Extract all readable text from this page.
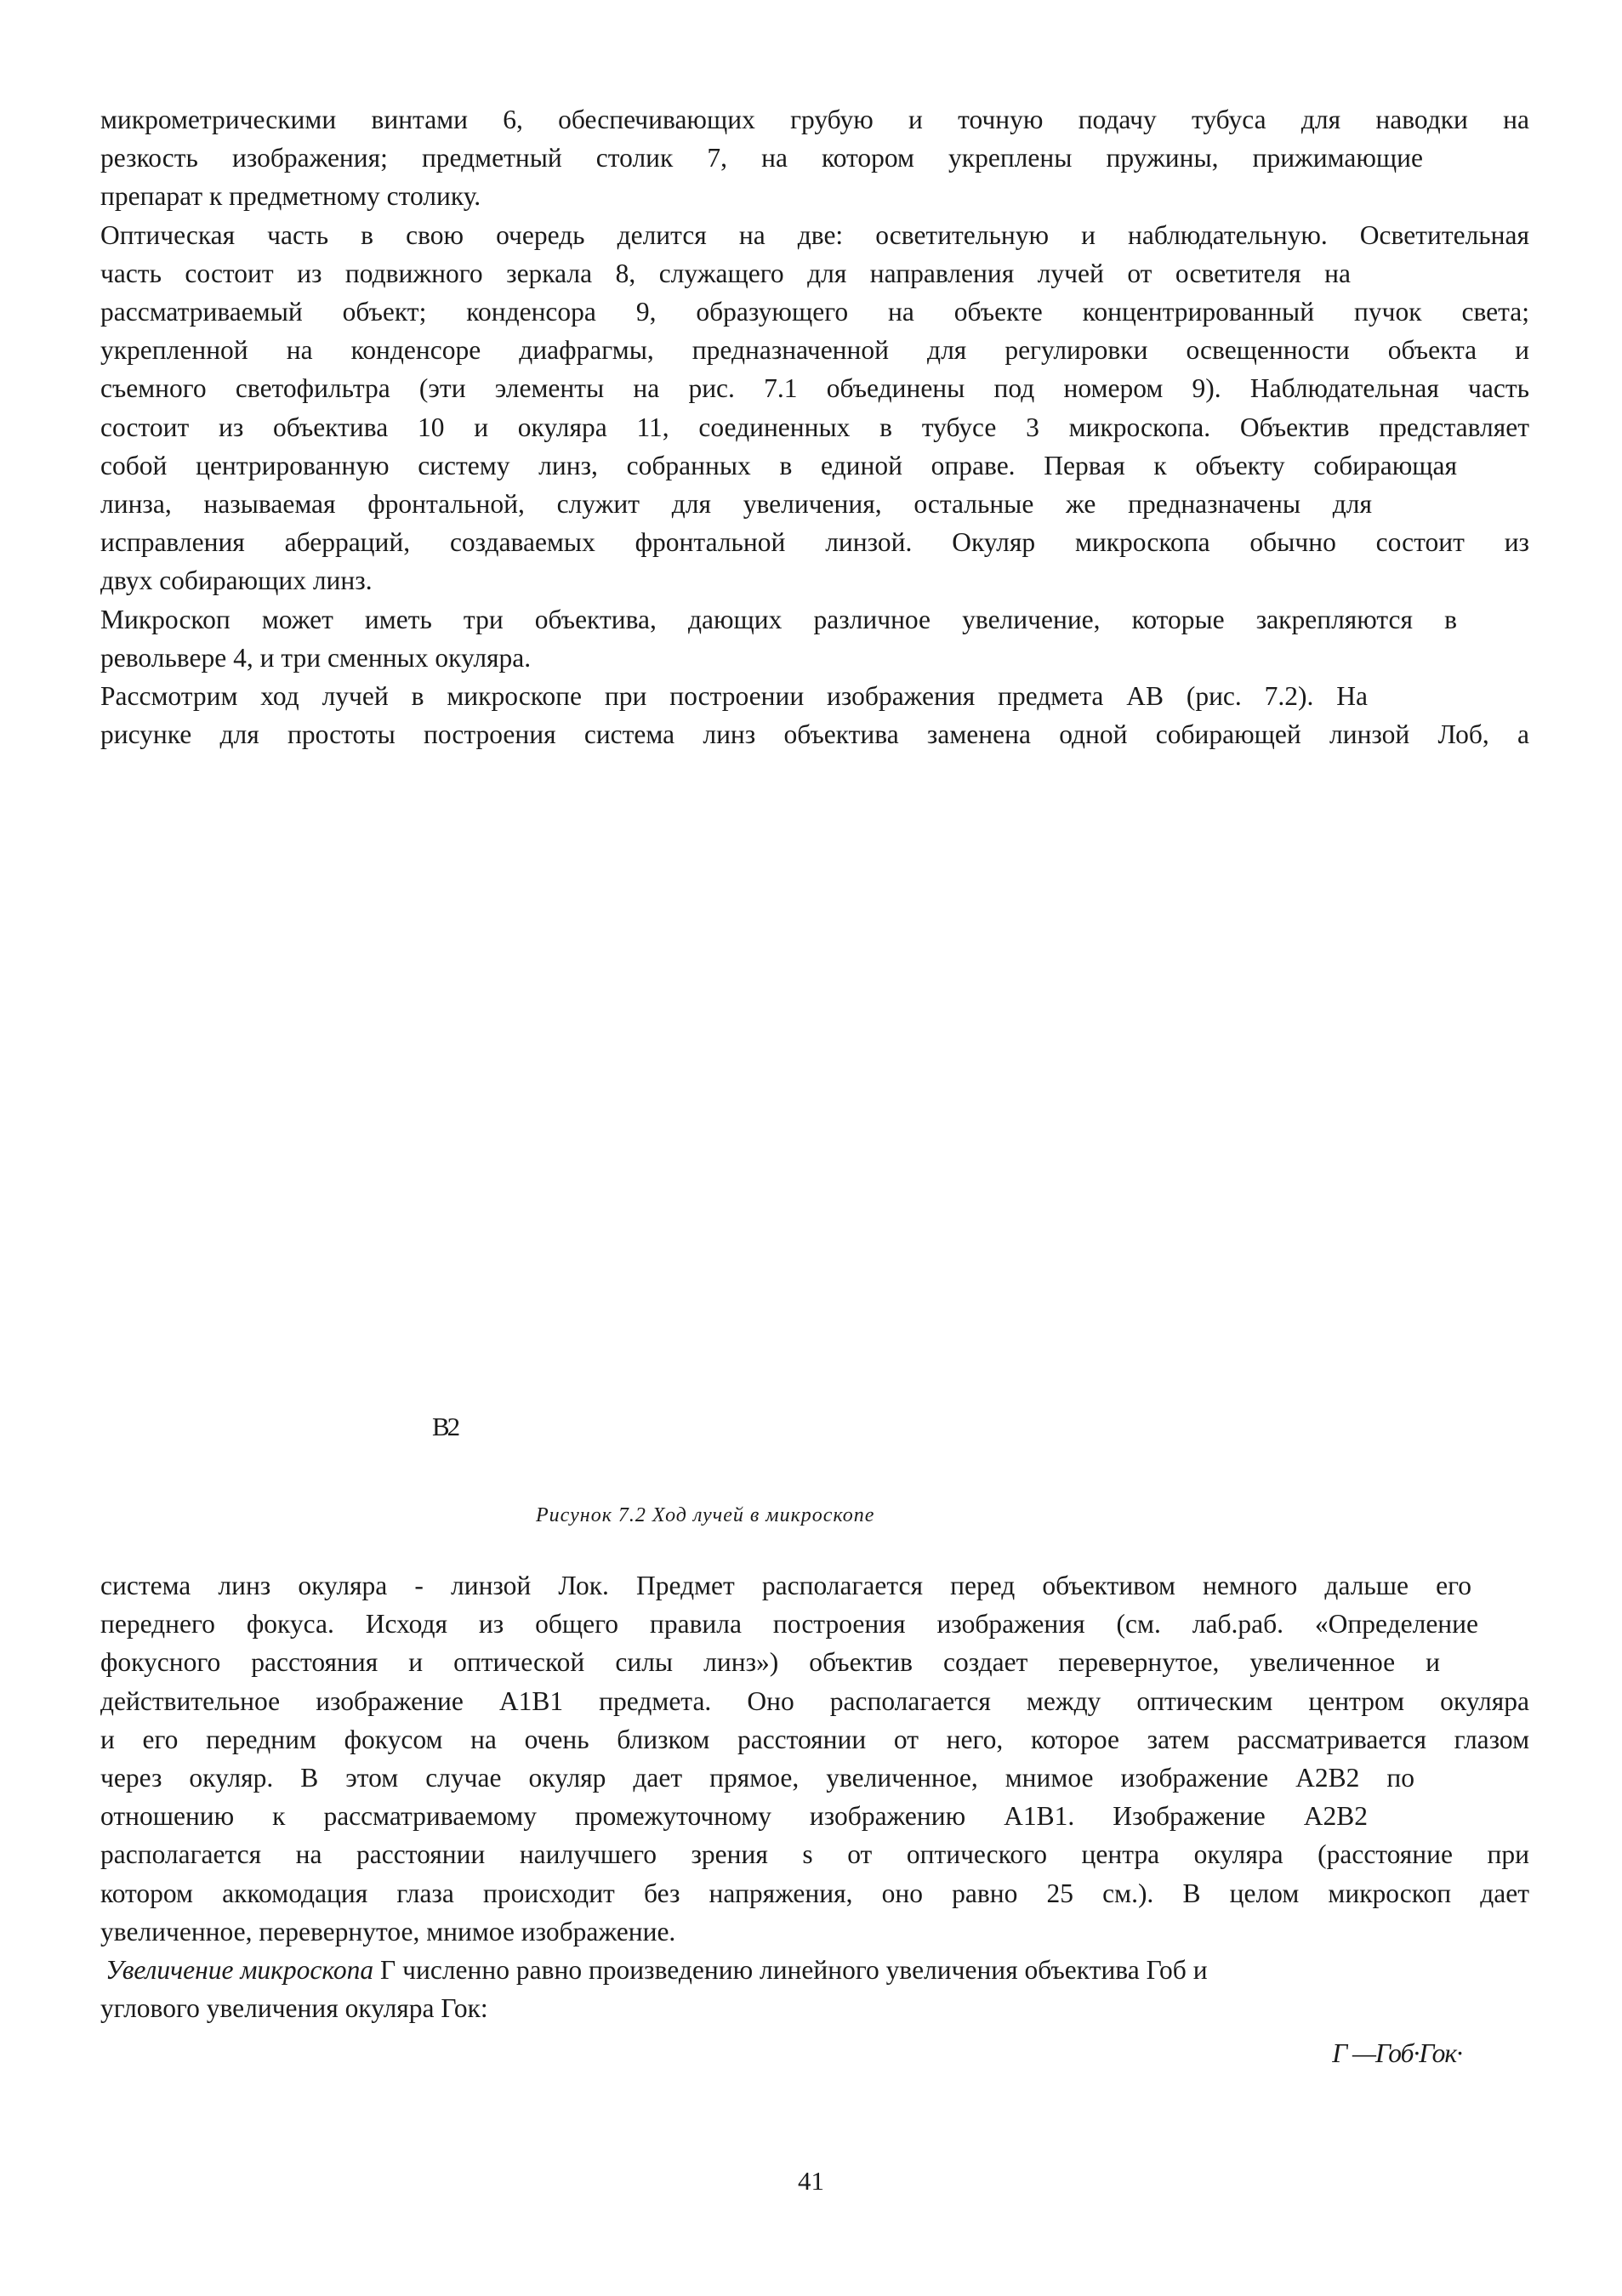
микрометрическими винтами 6, обеспечивающих грубую и точную подачу тубуса для наводки на
резкость изображения; предметный столик 7, на котором укреплены пружины, прижимающие
препарат к предметному столику.
Оптическая часть в свою очередь делится на две: осветительную и наблюдательную. Осветительная
часть состоит из подвижного зеркала 8, служащего для направления лучей от осветителя на
рассматриваемый объект; конденсора 9, образующего на объекте концентрированный пучок света;
укрепленной на конденсоре диафрагмы, предназначенной для регулировки освещенности объекта и
съемного светофильтра (эти элементы на рис. 7.1 объединены под номером 9). Наблюдательная часть
состоит из объектива 10 и окуляра 11, соединенных в тубусе 3 микроскопа. Объектив представляет
собой центрированную систему линз, собранных в единой оправе. Первая к объекту собирающая
линза, называемая фронтальной, служит для увеличения, остальные же предназначены для
исправления аберраций, создаваемых фронтальной линзой. Окуляр микроскопа обычно состоит из
двух собирающих линз.
Микроскоп может иметь три объектива, дающих различное увеличение, которые закрепляются в
револьвере 4, и три сменных окуляра.
Рассмотрим ход лучей в микроскопе при построении изображения предмета АВ (рис. 7.2). На
рисунке для простоты построения система линз объектива заменена одной собирающей линзой Лоб, а
B2
Рисунок 7.2 Ход лучей в микроскопе
система линз окуляра - линзой Лок. Предмет располагается перед объективом немного дальше его
переднего фокуса. Исходя из общего правила построения изображения (см. лаб.раб. «Определение
фокусного расстояния и оптической силы линз») объектив создает перевернутое, увеличенное и
действительное изображение A1B1 предмета. Оно располагается между оптическим центром окуляра
и его передним фокусом на очень близком расстоянии от него, которое затем рассматривается глазом
через окуляр. В этом случае окуляр дает прямое, увеличенное, мнимое изображение A2B2 по
отношению к рассматриваемому промежуточному изображению A1B1. Изображение A2B2
располагается на расстоянии наилучшего зрения s от оптического центра окуляра (расстояние при
котором аккомодация глаза происходит без напряжения, оно равно 25 см.). В целом микроскоп дает
увеличенное, перевернутое, мнимое изображение.
Увеличение микроскопа Г численно равно произведению линейного увеличения объектива Гоб и
углового увеличения окуляра Гок:
Г —Гоб·Гок·
41
